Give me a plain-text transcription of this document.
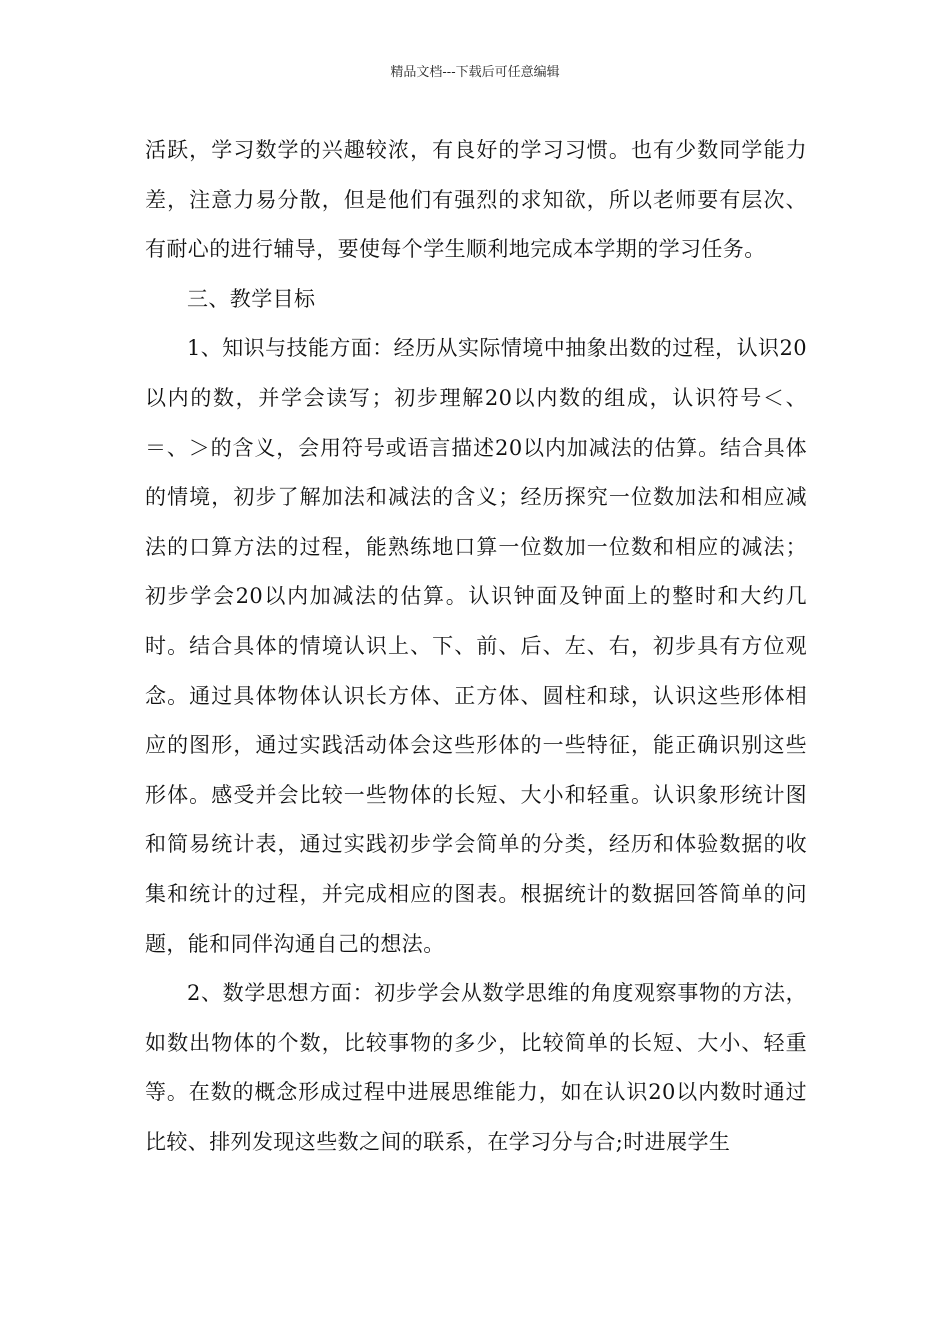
精品文档---下载后可任意编辑

活跃，学习数学的兴趣较浓，有良好的学习习惯。也有少数同学能力差，注意力易分散，但是他们有强烈的求知欲，所以老师要有层次、有耐心的进行辅导，要使每个学生顺利地完成本学期的学习任务。

三、教学目标

1、知识与技能方面：经历从实际情境中抽象出数的过程，认识20以内的数，并学会读写；初步理解20以内数的组成，认识符号＜、＝、＞的含义，会用符号或语言描述20以内加减法的估算。结合具体的情境，初步了解加法和减法的含义；经历探究一位数加法和相应减法的口算方法的过程，能熟练地口算一位数加一位数和相应的减法；初步学会20以内加减法的估算。认识钟面及钟面上的整时和大约几时。结合具体的情境认识上、下、前、后、左、右，初步具有方位观念。通过具体物体认识长方体、正方体、圆柱和球，认识这些形体相应的图形，通过实践活动体会这些形体的一些特征，能正确识别这些形体。感受并会比较一些物体的长短、大小和轻重。认识象形统计图和简易统计表，通过实践初步学会简单的分类，经历和体验数据的收集和统计的过程，并完成相应的图表。根据统计的数据回答简单的问题，能和同伴沟通自己的想法。

2、数学思想方面：初步学会从数学思维的角度观察事物的方法，如数出物体的个数，比较事物的多少，比较简单的长短、大小、轻重等。在数的概念形成过程中进展思维能力，如在认识20以内数时通过比较、排列发现这些数之间的联系，在学习分与合;时进展学生
